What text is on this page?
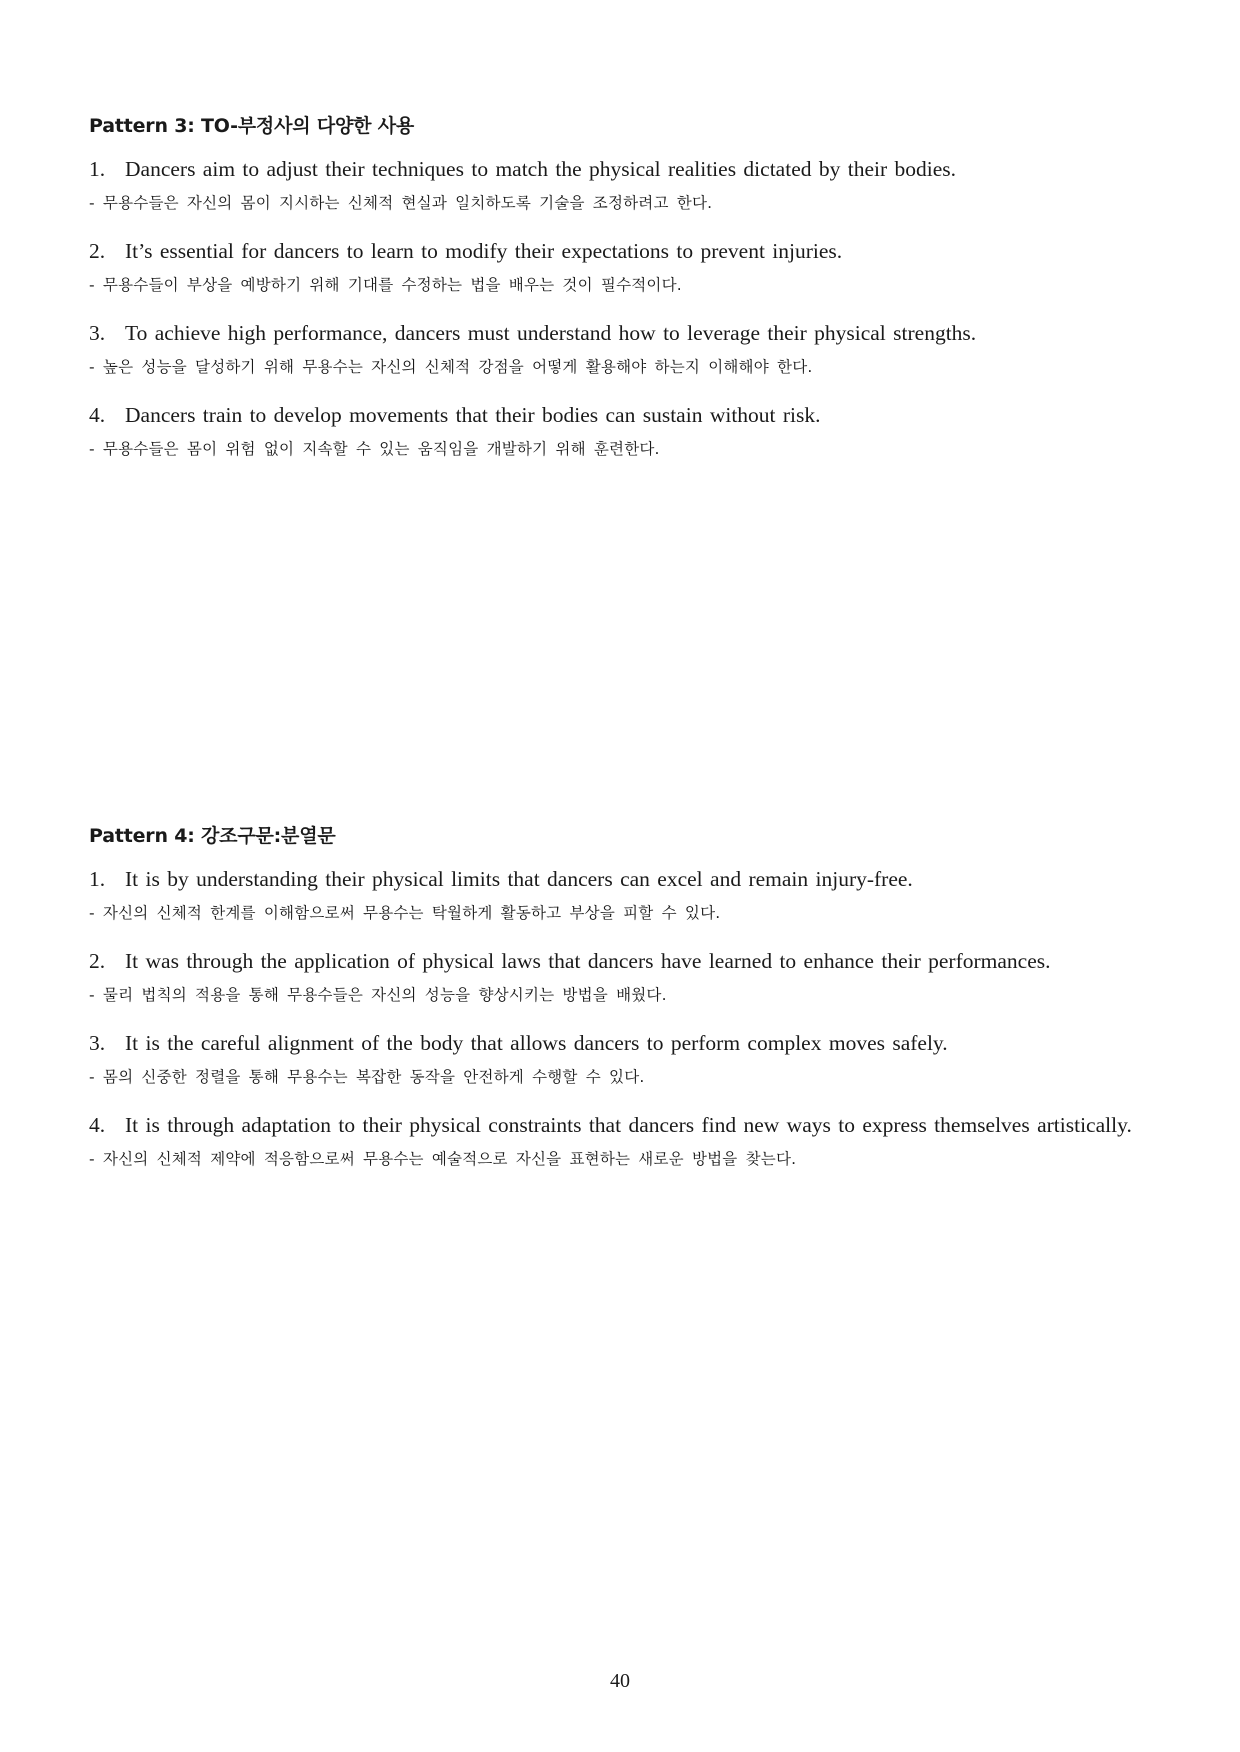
Pattern 3: TO-부정사의 다양한 사용

1. Dancers aim to adjust their techniques to match the physical realities dictated by their bodies.

- 무용수들은 자신의 몸이 지시하는 신체적 현실과 일치하도록 기술을 조정하려고 한다.

2. It’s essential for dancers to learn to modify their expectations to prevent injuries.

- 무용수들이 부상을 예방하기 위해 기대를 수정하는 법을 배우는 것이 필수적이다.

3. To achieve high performance, dancers must understand how to leverage their physical strengths.

- 높은 성능을 달성하기 위해 무용수는 자신의 신체적 강점을 어떻게 활용해야 하는지 이해해야 한다.

4. Dancers train to develop movements that their bodies can sustain without risk.

- 무용수들은 몸이 위험 없이 지속할 수 있는 움직임을 개발하기 위해 훈련한다.

Pattern 4: 강조구문:분열문

1. It is by understanding their physical limits that dancers can excel and remain injury-free.

- 자신의 신체적 한계를 이해함으로써 무용수는 탁월하게 활동하고 부상을 피할 수 있다.

2. It was through the application of physical laws that dancers have learned to enhance their performances.

- 물리 법칙의 적용을 통해 무용수들은 자신의 성능을 향상시키는 방법을 배웠다.

3. It is the careful alignment of the body that allows dancers to perform complex moves safely.

- 몸의 신중한 정렬을 통해 무용수는 복잡한 동작을 안전하게 수행할 수 있다.

4. It is through adaptation to their physical constraints that dancers find new ways to express themselves artistically.

- 자신의 신체적 제약에 적응함으로써 무용수는 예술적으로 자신을 표현하는 새로운 방법을 찾는다.

40
